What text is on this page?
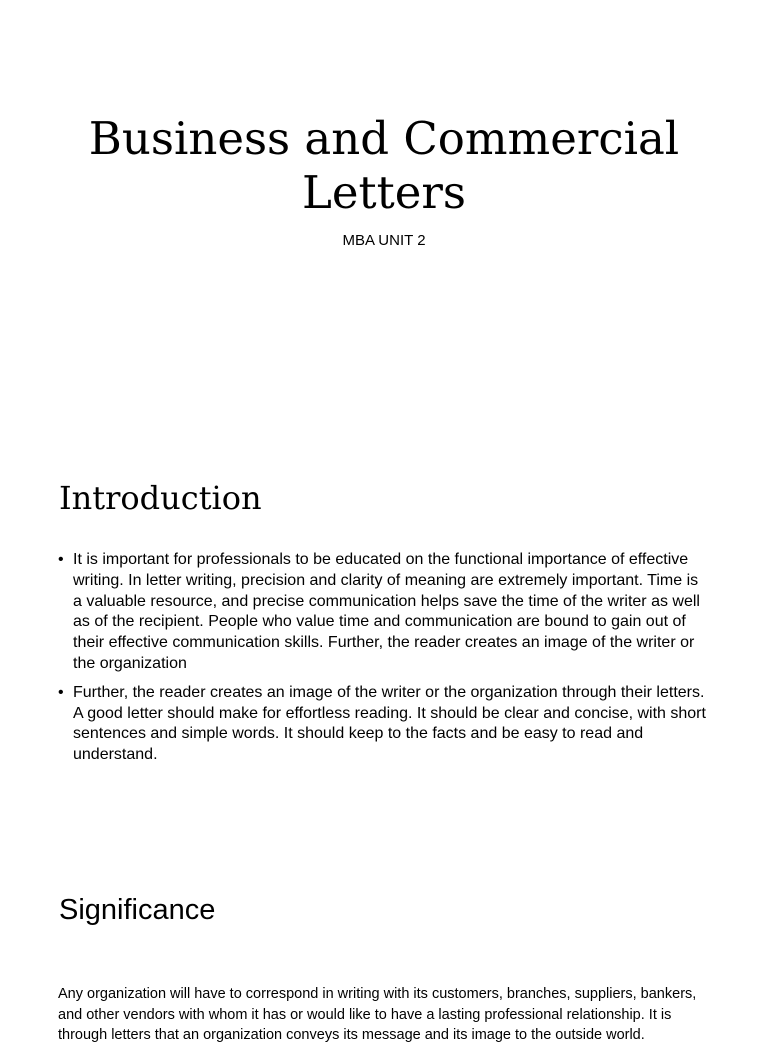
Business and Commercial Letters

MBA UNIT 2

Introduction
• It is important for professionals to be educated on the functional importance of effective writing. In letter writing, precision and clarity of meaning are extremely important. Time is a valuable resource, and precise communication helps save the time of the writer as well as of the recipient. People who value time and communication are bound to gain out of their effective communication skills. Further, the reader creates an image of the writer or the organization
• Further, the reader creates an image of the writer or the organization through their letters. A good letter should make for effortless reading. It should be clear and concise, with short sentences and simple words. It should keep to the facts and be easy to read and understand.
Significance

Any organization will have to correspond in writing with its customers, branches, suppliers, bankers, and other vendors with whom it has or would like to have a lasting professional relationship. It is through letters that an organization conveys its message and its image to the outside world.
